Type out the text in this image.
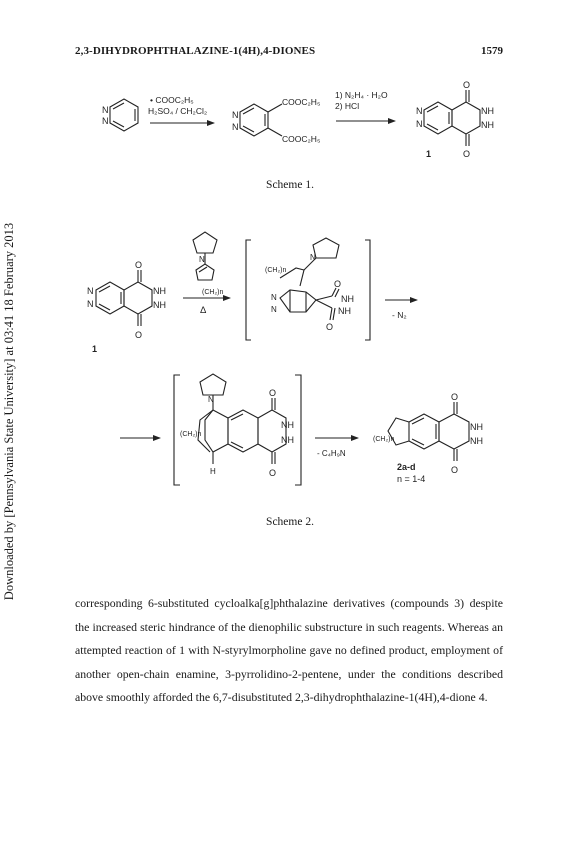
Downloaded by [Pennsylvania State University] at 03:41 18 February 2013
2,3-DIHYDROPHTHALAZINE-1(4H),4-DIONES	1579
N
N
• COOC₂H₅
H₂SO₄ / CH₂Cl₂	N
N
COOC₂H₅
COOC₂H₅
1) N₂H₄ · H₂O
2) HCl
O
O
N
N
NH
NH
1
O
O
N
N
NH
NH
1
N
(CH₂)n
Δ
N
(CH₂)n
O
O
NH
NH
N
N
- N₂
N
(CH₂)n
O
O
NH
NH
H
- C₄H₉N
(CH₂)n
O
O
NH
NH
2a-d
n = 1-4
Scheme 1.
Scheme 2.

corresponding 6-substituted cycloalka[g]phthalazine derivatives (compounds 3) despite the increased steric hindrance of the dienophilic substructure in such reagents. Whereas an attempted reaction of 1 with N-styrylmorpholine gave no defined product, employment of another open-chain enamine, 3-pyrrolidino-2-pentene, under the conditions described above smoothly afforded the 6,7-disubstituted 2,3-dihydrophthalazine-1(4H),4-dione 4.
